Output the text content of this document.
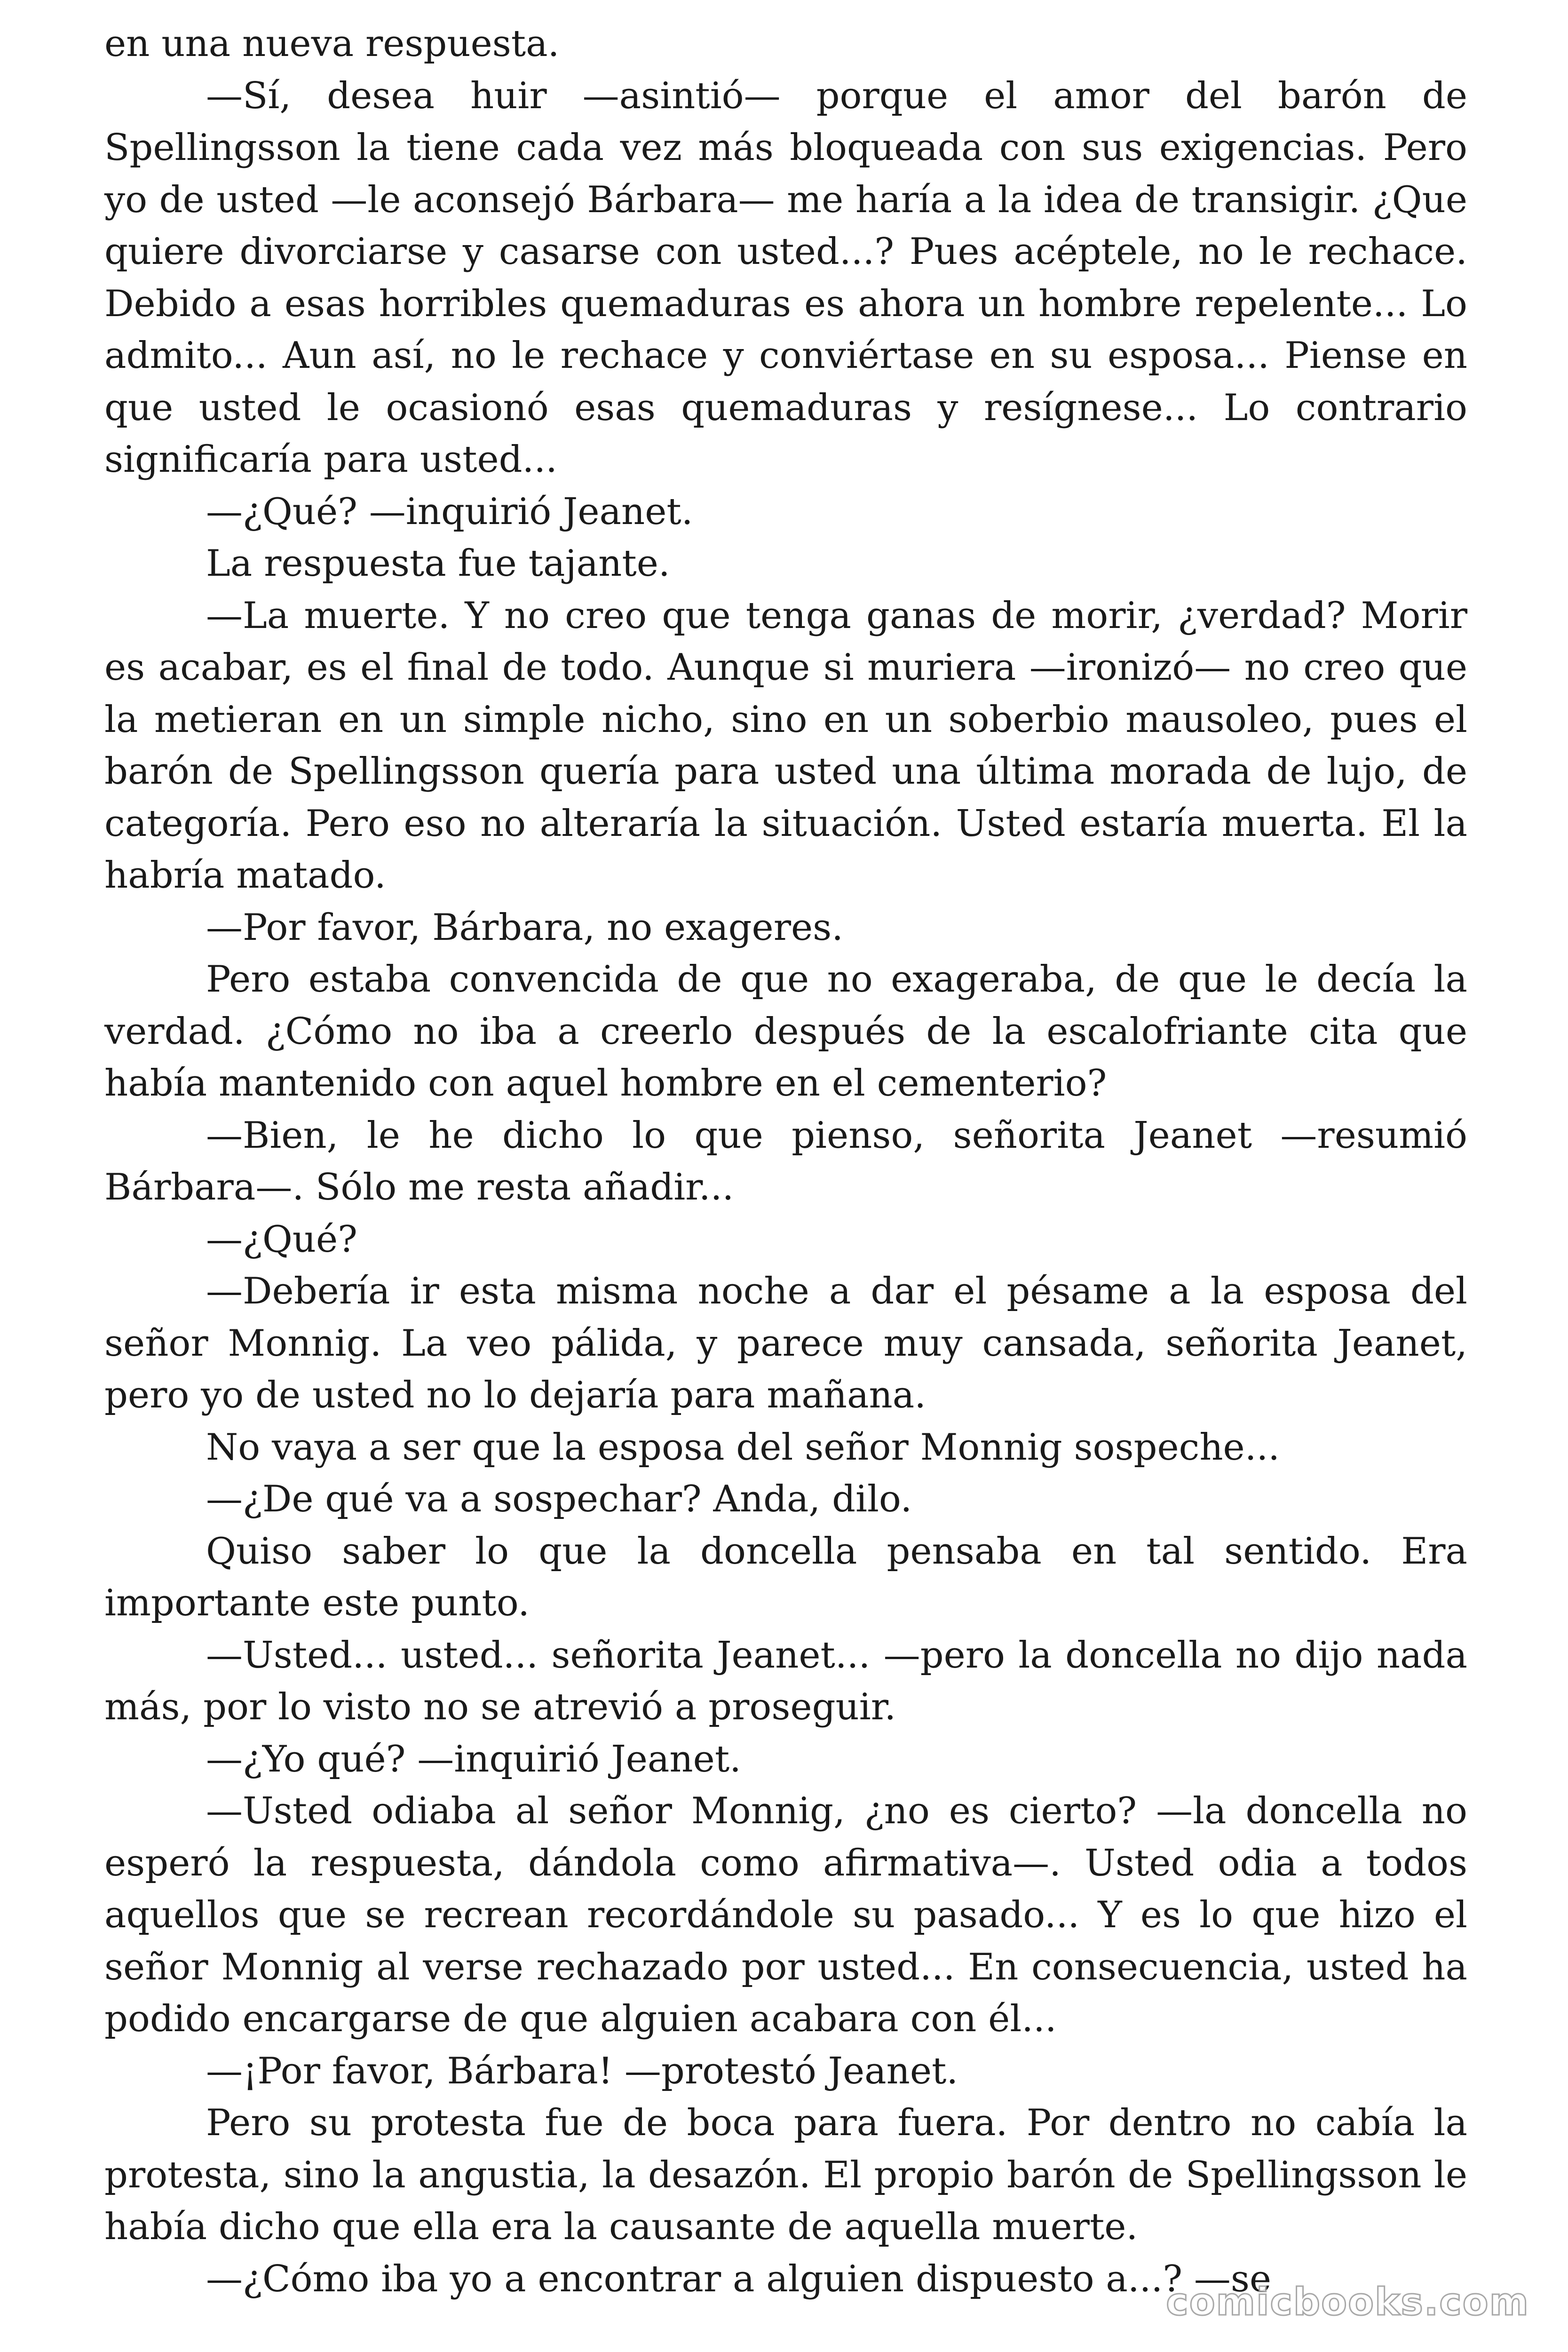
en una nueva respuesta.

—Sí, desea huir —asintió— porque el amor del barón de Spellingsson la tiene cada vez más bloqueada con sus exigencias. Pero yo de usted —le aconsejó Bárbara— me haría a la idea de transigir. ¿Que quiere divorciarse y casarse con usted...? Pues acéptele, no le rechace. Debido a esas horribles quemaduras es ahora un hombre repelente... Lo admito... Aun así, no le rechace y conviértase en su esposa... Piense en que usted le ocasionó esas quemaduras y resígnese... Lo contrario significaría para usted...

—¿Qué? —inquirió Jeanet.

La respuesta fue tajante.

—La muerte. Y no creo que tenga ganas de morir, ¿verdad? Morir es acabar, es el final de todo. Aunque si muriera —ironizó— no creo que la metieran en un simple nicho, sino en un soberbio mausoleo, pues el barón de Spellingsson quería para usted una última morada de lujo, de categoría. Pero eso no alteraría la situación. Usted estaría muerta. El la habría matado.

—Por favor, Bárbara, no exageres.

Pero estaba convencida de que no exageraba, de que le decía la verdad. ¿Cómo no iba a creerlo después de la escalofriante cita que había mantenido con aquel hombre en el cementerio?

—Bien, le he dicho lo que pienso, señorita Jeanet —resumió Bárbara—. Sólo me resta añadir...

—¿Qué?

—Debería ir esta misma noche a dar el pésame a la esposa del señor Monnig. La veo pálida, y parece muy cansada, señorita Jeanet, pero yo de usted no lo dejaría para mañana.

No vaya a ser que la esposa del señor Monnig sospeche...

—¿De qué va a sospechar? Anda, dilo.

Quiso saber lo que la doncella pensaba en tal sentido. Era importante este punto.

—Usted... usted... señorita Jeanet... —pero la doncella no dijo nada más, por lo visto no se atrevió a proseguir.

—¿Yo qué? —inquirió Jeanet.

—Usted odiaba al señor Monnig, ¿no es cierto? —la doncella no esperó la respuesta, dándola como afirmativa—. Usted odia a todos aquellos que se recrean recordándole su pasado... Y es lo que hizo el señor Monnig al verse rechazado por usted... En consecuencia, usted ha podido encargarse de que alguien acabara con él...

—¡Por favor, Bárbara! —protestó Jeanet.

Pero su protesta fue de boca para fuera. Por dentro no cabía la protesta, sino la angustia, la desazón. El propio barón de Spellingsson le había dicho que ella era la causante de aquella muerte.

—¿Cómo iba yo a encontrar a alguien dispuesto a...? —se

comicbooks.com
